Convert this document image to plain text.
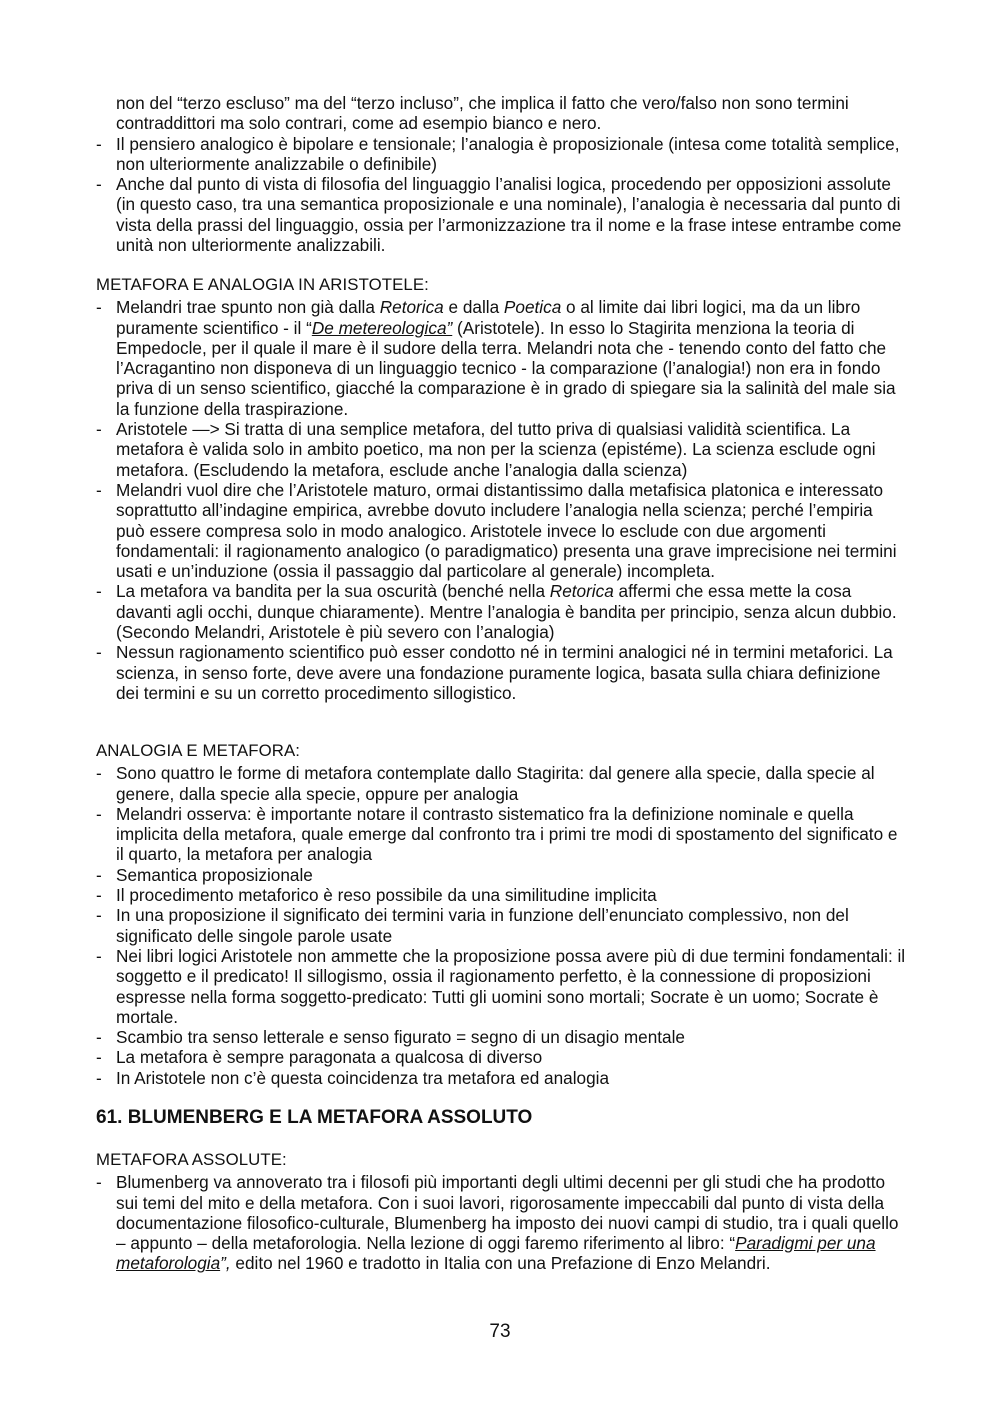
non del “terzo escluso” ma del “terzo incluso”, che implica il fatto che vero/falso non sono termini contraddittori ma solo contrari, come ad esempio bianco e nero.
- Il pensiero analogico è bipolare e tensionale; l’analogia è proposizionale (intesa come totalità semplice, non ulteriormente analizzabile o definibile)
- Anche dal punto di vista di filosofia del linguaggio l’analisi logica, procedendo per opposizioni assolute (in questo caso, tra una semantica proposizionale e una nominale), l’analogia è necessaria dal punto di vista della prassi del linguaggio, ossia per l’armonizzazione tra il nome e la frase intese entrambe come unità non ulteriormente analizzabili.
METAFORA E ANALOGIA IN ARISTOTELE:
- Melandri trae spunto non già dalla Retorica e dalla Poetica o al limite dai libri logici, ma da un libro puramente scientifico - il “De metereologica” (Aristotele). In esso lo Stagirita menziona la teoria di Empedocle, per il quale il mare è il sudore della terra. Melandri nota che - tenendo conto del fatto che l’Acragantino non disponeva di un linguaggio tecnico - la comparazione (l’analogia!) non era in fondo priva di un senso scientifico, giacché la comparazione è in grado di spiegare sia la salinità del male sia la funzione della traspirazione.
- Aristotele —> Si tratta di una semplice metafora, del tutto priva di qualsiasi validità scientifica. La metafora è valida solo in ambito poetico, ma non per la scienza (epistéme). La scienza esclude ogni metafora. (Escludendo la metafora, esclude anche l’analogia dalla scienza)
- Melandri vuol dire che l’Aristotele maturo, ormai distantissimo dalla metafisica platonica e interessato soprattutto all’indagine empirica, avrebbe dovuto includere l’analogia nella scienza; perché l’empiria può essere compresa solo in modo analogico. Aristotele invece lo esclude con due argomenti fondamentali: il ragionamento analogico (o paradigmatico) presenta una grave imprecisione nei termini usati e un’induzione (ossia il passaggio dal particolare al generale) incompleta.
- La metafora va bandita per la sua oscurità (benché nella Retorica affermi che essa mette la cosa davanti agli occhi, dunque chiaramente). Mentre l’analogia è bandita per principio, senza alcun dubbio. (Secondo Melandri, Aristotele è più severo con l’analogia)
- Nessun ragionamento scientifico può esser condotto né in termini analogici né in termini metaforici. La scienza, in senso forte, deve avere una fondazione puramente logica, basata sulla chiara definizione dei termini e su un corretto procedimento sillogistico.
ANALOGIA E METAFORA:
- Sono quattro le forme di metafora contemplate dallo Stagirita: dal genere alla specie, dalla specie al genere, dalla specie alla specie, oppure per analogia
- Melandri osserva: è importante notare il contrasto sistematico fra la definizione nominale e quella implicita della metafora, quale emerge dal confronto tra i primi tre modi di spostamento del significato e il quarto, la metafora per analogia
- Semantica proposizionale
- Il procedimento metaforico è reso possibile da una similitudine implicita
- In una proposizione il significato dei termini varia in funzione dell’enunciato complessivo, non del significato delle singole parole usate
- Nei libri logici Aristotele non ammette che la proposizione possa avere più di due termini fondamentali: il soggetto e il predicato! Il sillogismo, ossia il ragionamento perfetto, è la connessione di proposizioni espresse nella forma soggetto-predicato: Tutti gli uomini sono mortali; Socrate è un uomo; Socrate è mortale.
- Scambio tra senso letterale e senso figurato = segno di un disagio mentale
- La metafora è sempre paragonata a qualcosa di diverso
- In Aristotele non c’è questa coincidenza tra metafora ed analogia
61. BLUMENBERG E LA METAFORA ASSOLUTO
METAFORA ASSOLUTE:
- Blumenberg va annoverato tra i filosofi più importanti degli ultimi decenni per gli studi che ha prodotto sui temi del mito e della metafora. Con i suoi lavori, rigorosamente impeccabili dal punto di vista della documentazione filosofico-culturale, Blumenberg ha imposto dei nuovi campi di studio, tra i quali quello – appunto – della metaforologia. Nella lezione di oggi faremo riferimento al libro: “Paradigmi per una metaforologia”, edito nel 1960 e tradotto in Italia con una Prefazione di Enzo Melandri.
73
